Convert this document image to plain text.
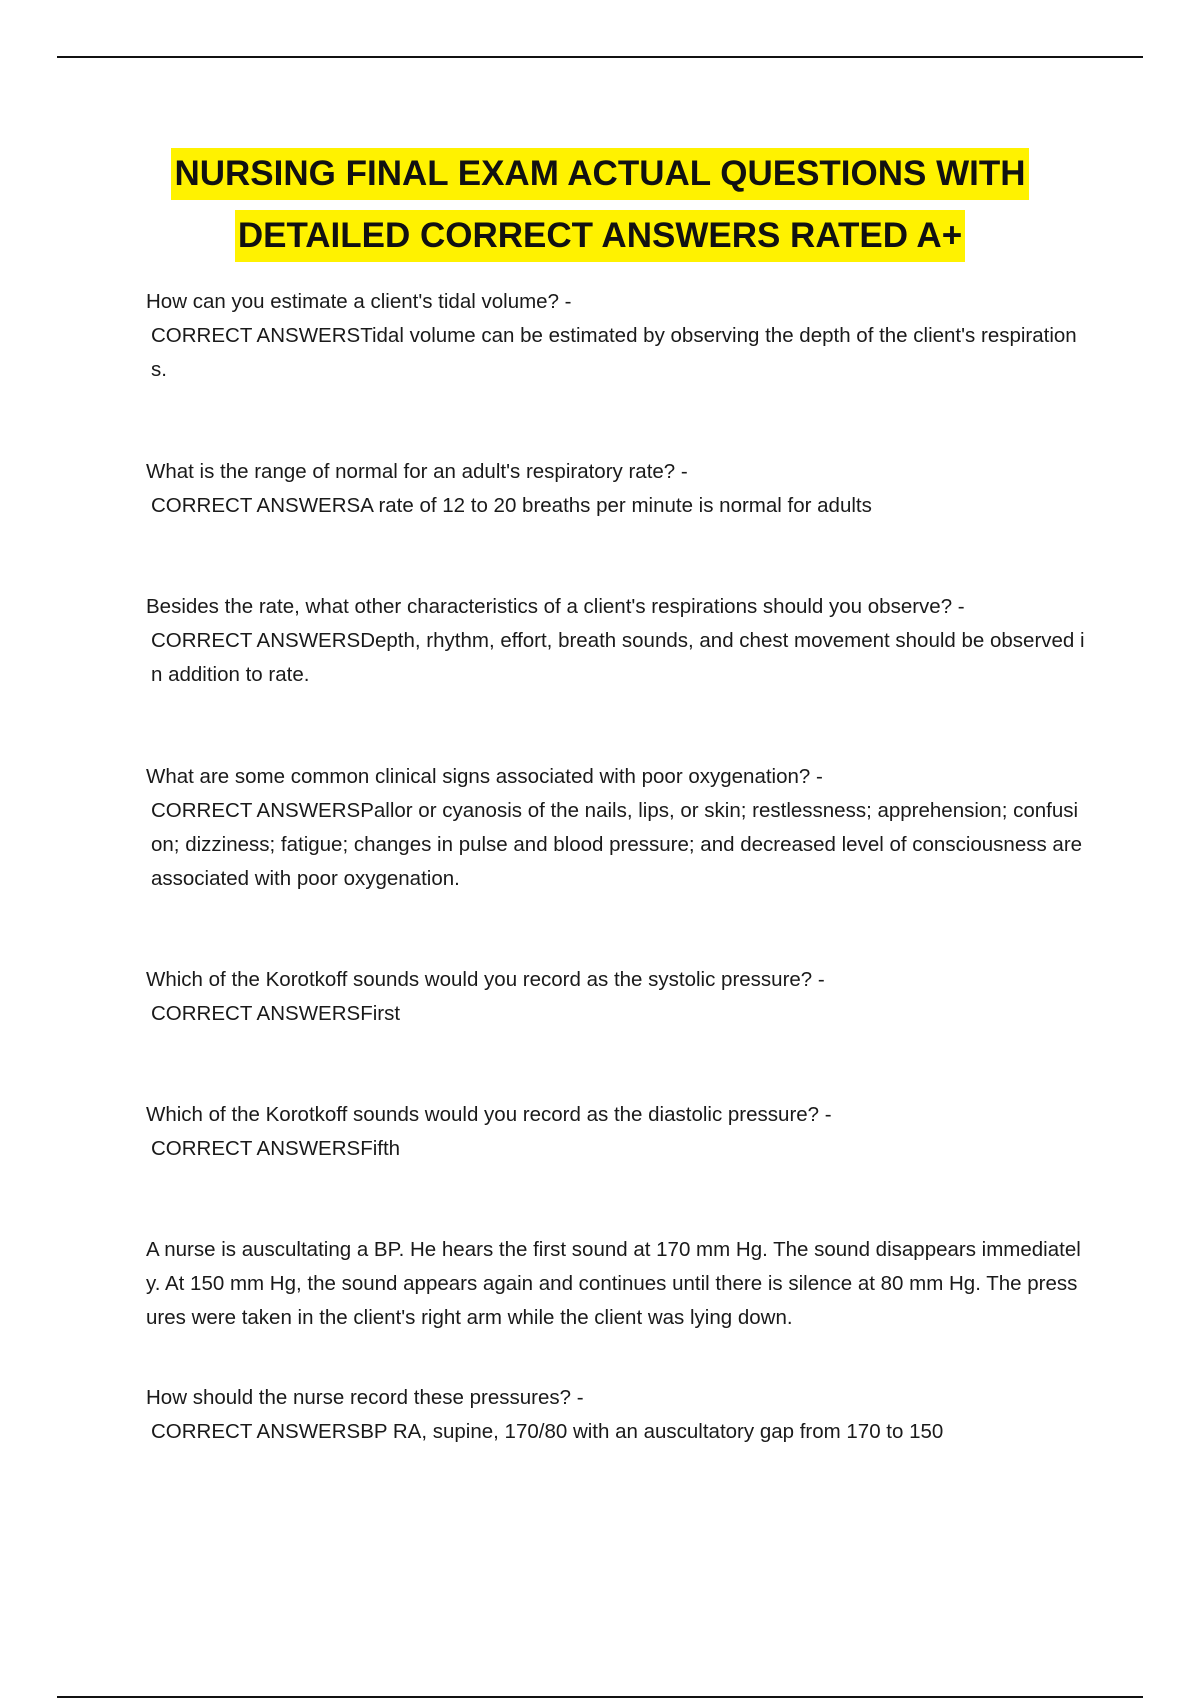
NURSING FINAL EXAM ACTUAL QUESTIONS WITH
DETAILED CORRECT ANSWERS RATED A+
How can you estimate a client's tidal volume? -
CORRECT ANSWERSTidal volume can be estimated by observing the depth of the client's respirations.
What is the range of normal for an adult's respiratory rate? -
CORRECT ANSWERSA rate of 12 to 20 breaths per minute is normal for adults
Besides the rate, what other characteristics of a client's respirations should you observe? -
CORRECT ANSWERSDepth, rhythm, effort, breath sounds, and chest movement should be observed in addition to rate.
What are some common clinical signs associated with poor oxygenation? -
CORRECT ANSWERSPallor or cyanosis of the nails, lips, or skin; restlessness; apprehension; confusion; dizziness; fatigue; changes in pulse and blood pressure; and decreased level of consciousness are associated with poor oxygenation.
Which of the Korotkoff sounds would you record as the systolic pressure? -
CORRECT ANSWERSFirst
Which of the Korotkoff sounds would you record as the diastolic pressure? -
CORRECT ANSWERSFifth
A nurse is auscultating a BP. He hears the first sound at 170 mm Hg. The sound disappears immediately. At 150 mm Hg, the sound appears again and continues until there is silence at 80 mm Hg. The pressures were taken in the client's right arm while the client was lying down.
How should the nurse record these pressures? -
CORRECT ANSWERSBP RA, supine, 170/80 with an auscultatory gap from 170 to 150
